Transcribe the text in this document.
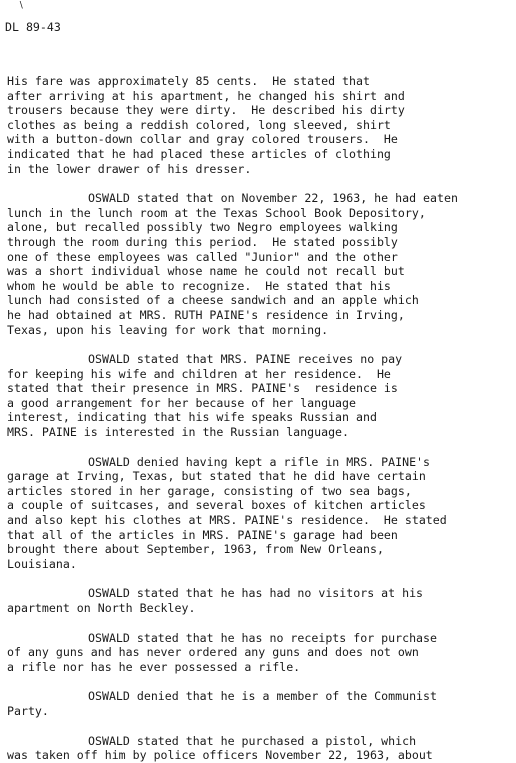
∖
DL 89-43
His fare was approximately 85 cents.  He stated that
after arriving at his apartment, he changed his shirt and
trousers because they were dirty.  He described his dirty
clothes as being a reddish colored, long sleeved, shirt
with a button-down collar and gray colored trousers.  He
indicated that he had placed these articles of clothing
in the lower drawer of his dresser.
OSWALD stated that on November 22, 1963, he had eaten
lunch in the lunch room at the Texas School Book Depository,
alone, but recalled possibly two Negro employees walking
through the room during this period.  He stated possibly
one of these employees was called "Junior" and the other
was a short individual whose name he could not recall but
whom he would be able to recognize.  He stated that his
lunch had consisted of a cheese sandwich and an apple which
he had obtained at MRS. RUTH PAINE's residence in Irving,
Texas, upon his leaving for work that morning.
OSWALD stated that MRS. PAINE receives no pay
for keeping his wife and children at her residence.  He
stated that their presence in MRS. PAINE's  residence is
a good arrangement for her because of her language
interest, indicating that his wife speaks Russian and
MRS. PAINE is interested in the Russian language.
OSWALD denied having kept a rifle in MRS. PAINE's
garage at Irving, Texas, but stated that he did have certain
articles stored in her garage, consisting of two sea bags,
a couple of suitcases, and several boxes of kitchen articles
and also kept his clothes at MRS. PAINE's residence.  He stated
that all of the articles in MRS. PAINE's garage had been
brought there about September, 1963, from New Orleans,
Louisiana.
OSWALD stated that he has had no visitors at his
apartment on North Beckley.
OSWALD stated that he has no receipts for purchase
of any guns and has never ordered any guns and does not own
a rifle nor has he ever possessed a rifle.
OSWALD denied that he is a member of the Communist
Party.
OSWALD stated that he purchased a pistol, which
was taken off him by police officers November 22, 1963, about
